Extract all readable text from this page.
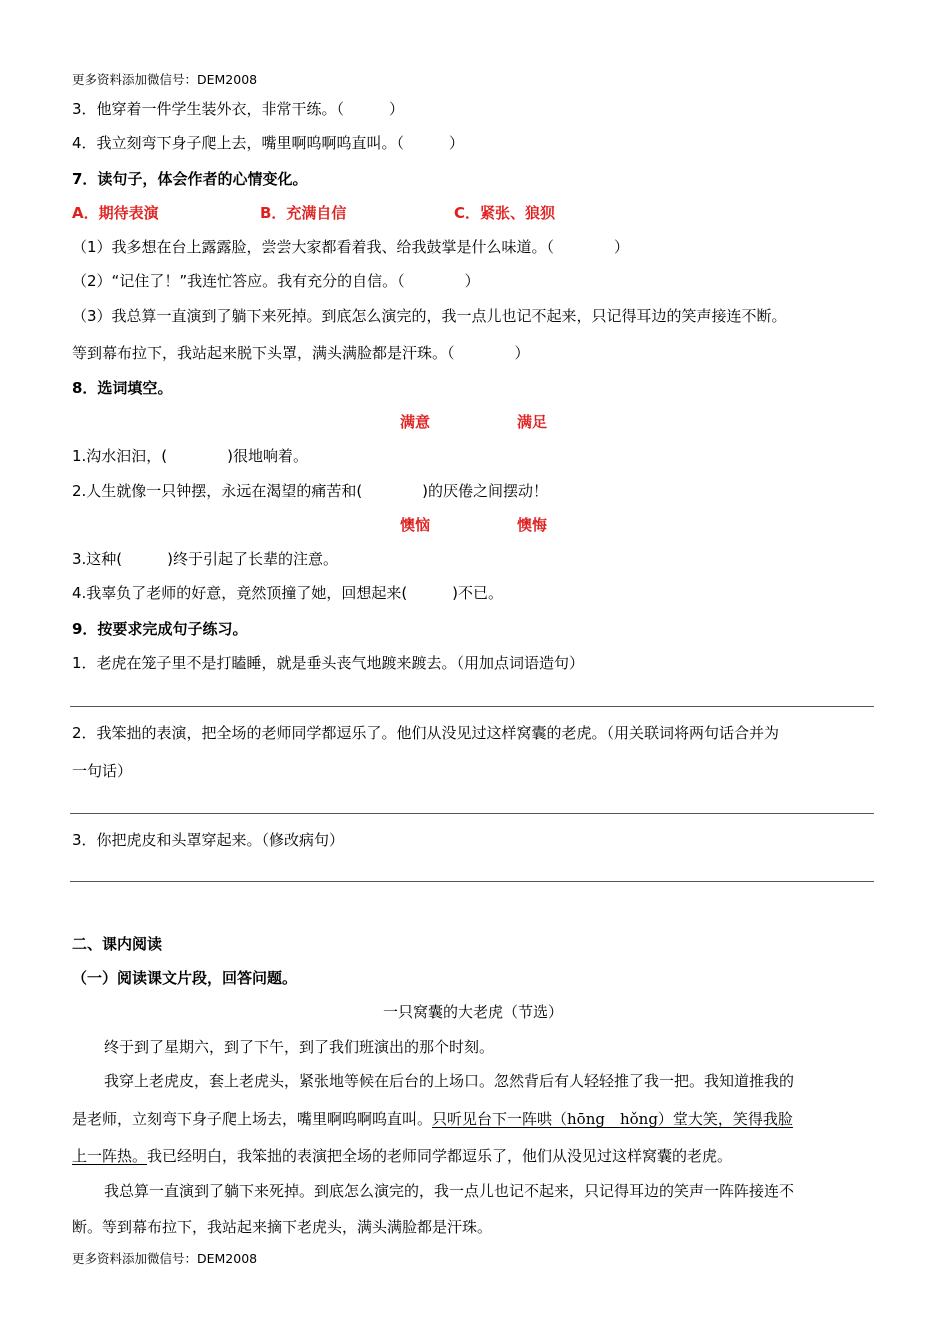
更多资料添加微信号：DEM2008
3．他穿着一件学生装外衣，非常干练。（　　　）
4．我立刻弯下身子爬上去，嘴里啊呜啊呜直叫。（　　　）
7．读句子，体会作者的心情变化。
A．期待表演	B．充满自信	C．紧张、狼狈
（1）我多想在台上露露脸，尝尝大家都看着我、给我鼓掌是什么味道。（　　　　）
（2）“记住了！”我连忙答应。我有充分的自信。（　　　　）
（3）我总算一直演到了躺下来死掉。到底怎么演完的，我一点儿也记不起来，只记得耳边的笑声接连不断。
等到幕布拉下，我站起来脱下头罩，满头满脸都是汗珠。（　　　　）
8．选词填空。
满意	满足
1.沟水汩汩，(　　　　)很地响着。
2.人生就像一只钟摆，永远在渴望的痛苦和(　　　　)的厌倦之间摆动！
懊恼	懊悔
3.这种(　　　)终于引起了长辈的注意。
4.我辜负了老师的好意，竟然顶撞了她，回想起来(　　　)不已。
9．按要求完成句子练习。
1．老虎在笼子里不是打瞌睡，就是垂头丧气地踱来踱去。（用加点词语造句）
2．我笨拙的表演，把全场的老师同学都逗乐了。他们从没见过这样窝囊的老虎。（用关联词将两句话合并为
一句话）
3．你把虎皮和头罩穿起来。（修改病句）
二、课内阅读
（一）阅读课文片段，回答问题。
一只窝囊的大老虎（节选）
终于到了星期六，到了下午，到了我们班演出的那个时刻。
我穿上老虎皮，套上老虎头，紧张地等候在后台的上场口。忽然背后有人轻轻推了我一把。我知道推我的
是老师，立刻弯下身子爬上场去，嘴里啊呜啊呜直叫。只听见台下一阵哄（hōng　hǒng）堂大笑，笑得我脸
上一阵热。我已经明白，我笨拙的表演把全场的老师同学都逗乐了，他们从没见过这样窝囊的老虎。
我总算一直演到了躺下来死掉。到底怎么演完的，我一点儿也记不起来，只记得耳边的笑声一阵阵接连不
断。等到幕布拉下，我站起来摘下老虎头，满头满脸都是汗珠。
更多资料添加微信号：DEM2008
